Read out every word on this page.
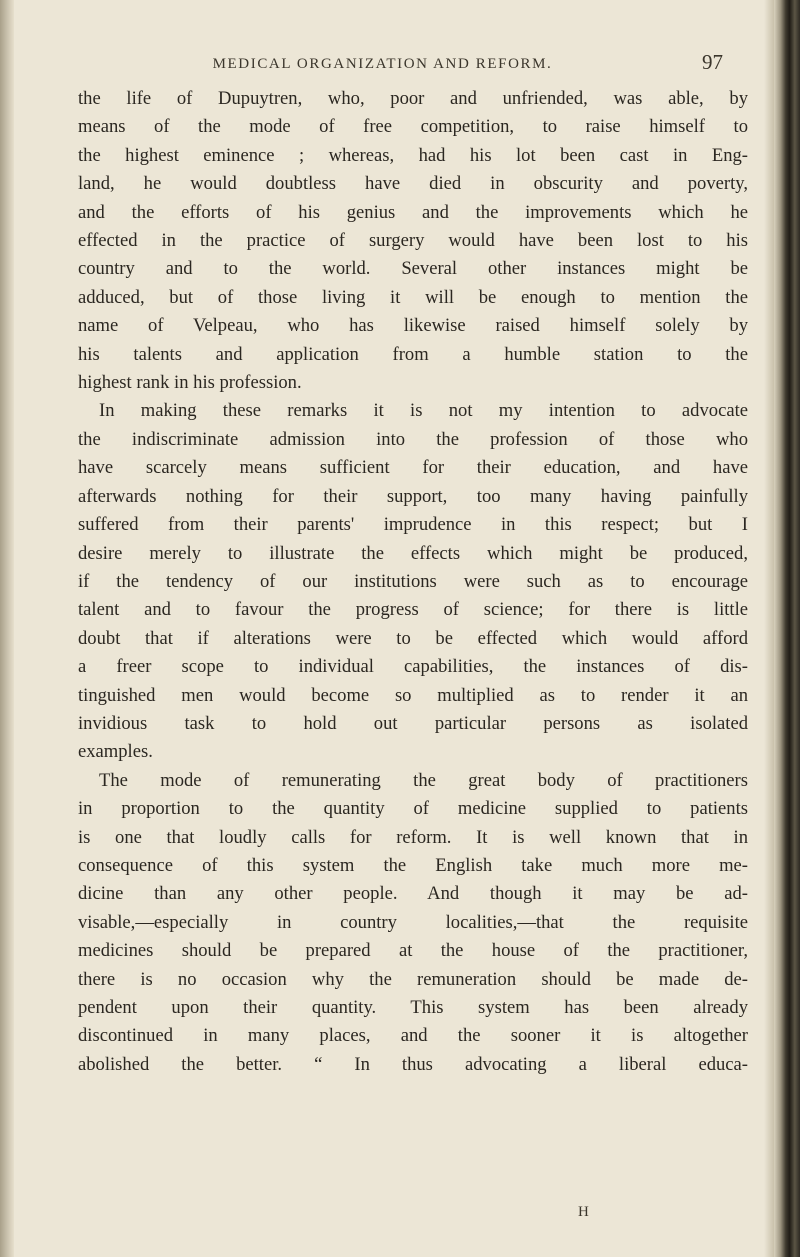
MEDICAL ORGANIZATION AND REFORM.	97

the life of Dupuytren, who, poor and unfriended, was able, by
means of the mode of free competition, to raise himself to
the highest eminence ; whereas, had his lot been cast in Eng-
land, he would doubtless have died in obscurity and poverty,
and the efforts of his genius and the improvements which he
effected in the practice of surgery would have been lost to his
country and to the world. Several other instances might be
adduced, but of those living it will be enough to mention the
name of Velpeau, who has likewise raised himself solely by
his talents and application from a humble station to the
highest rank in his profession.

In making these remarks it is not my intention to advocate
the indiscriminate admission into the profession of those who
have scarcely means sufficient for their education, and have
afterwards nothing for their support, too many having painfully
suffered from their parents' imprudence in this respect; but I
desire merely to illustrate the effects which might be produced,
if the tendency of our institutions were such as to encourage
talent and to favour the progress of science; for there is little
doubt that if alterations were to be effected which would afford
a freer scope to individual capabilities, the instances of dis-
tinguished men would become so multiplied as to render it an
invidious task to hold out particular persons as isolated
examples.

The mode of remunerating the great body of practitioners
in proportion to the quantity of medicine supplied to patients
is one that loudly calls for reform. It is well known that in
consequence of this system the English take much more me-
dicine than any other people. And though it may be ad-
visable,—especially in country localities,—that the requisite
medicines should be prepared at the house of the practitioner,
there is no occasion why the remuneration should be made de-
pendent upon their quantity. This system has been already
discontinued in many places, and the sooner it is altogether
abolished the better. “ In thus advocating a liberal educa-

H
